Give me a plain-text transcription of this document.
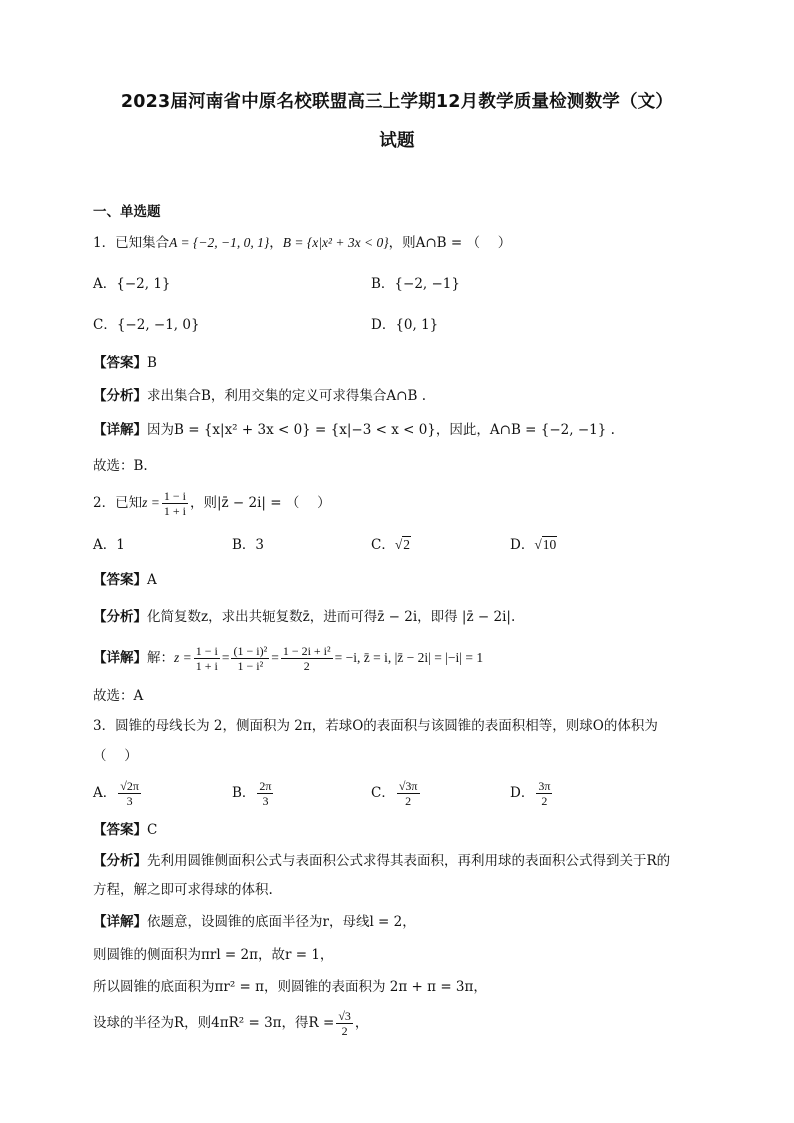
2023届河南省中原名校联盟高三上学期12月教学质量检测数学（文）
试题
一、单选题
1．已知集合A = {−2, −1, 0, 1}，B = {x|x² + 3x < 0}，则A∩B = （　 ）
A．{−2, 1}	B．{−2, −1}
C．{−2, −1, 0}	D．{0, 1}
【答案】B
【分析】求出集合B，利用交集的定义可求得集合A∩B .
【详解】因为B = {x|x² + 3x < 0} = {x|−3 < x < 0}，因此，A∩B = {−2, −1} .
故选：B.
2．已知$z = \frac{1 - i}{1 + i}$ ，则|z̄ − 2i| = （　 ）
A．1	B．3	C．√2	D．√10
【答案】A
【分析】化简复数z，求出共轭复数z̄，进而可得z̄ − 2i，即得 |z̄ − 2i|.
【详解】解：$z = \frac{1 - i}{1 + i} = \frac{\text{(1 − i)²}}{\text{1 − i²}} = \frac{\text{1 − 2i + i²}}{2} = -i$, z̄ = i, |z̄ − 2i| = |−i| = 1
故选：A
3．圆锥的母线长为 2，侧面积为 2π，若球O的表面积与该圆锥的表面积相等，则球O的体积为
（　 ）
A． $\frac{√2\pi}{3}$	B． $\frac{2\pi}{3}$	C． $\frac{√3\pi}{2}$	D． $\frac{3\pi}{2}$
【答案】C
【分析】先利用圆锥侧面积公式与表面积公式求得其表面积，再利用球的表面积公式得到关于R的
方程，解之即可求得球的体积.
【详解】依题意，设圆锥的底面半径为r，母线l = 2，
则圆锥的侧面积为πrl = 2π，故r = 1，
所以圆锥的底面积为πr² = π，则圆锥的表面积为 2π + π = 3π，
设球的半径为R，则4πR² = 3π，得$R = \frac{√3}{2}$ ，
